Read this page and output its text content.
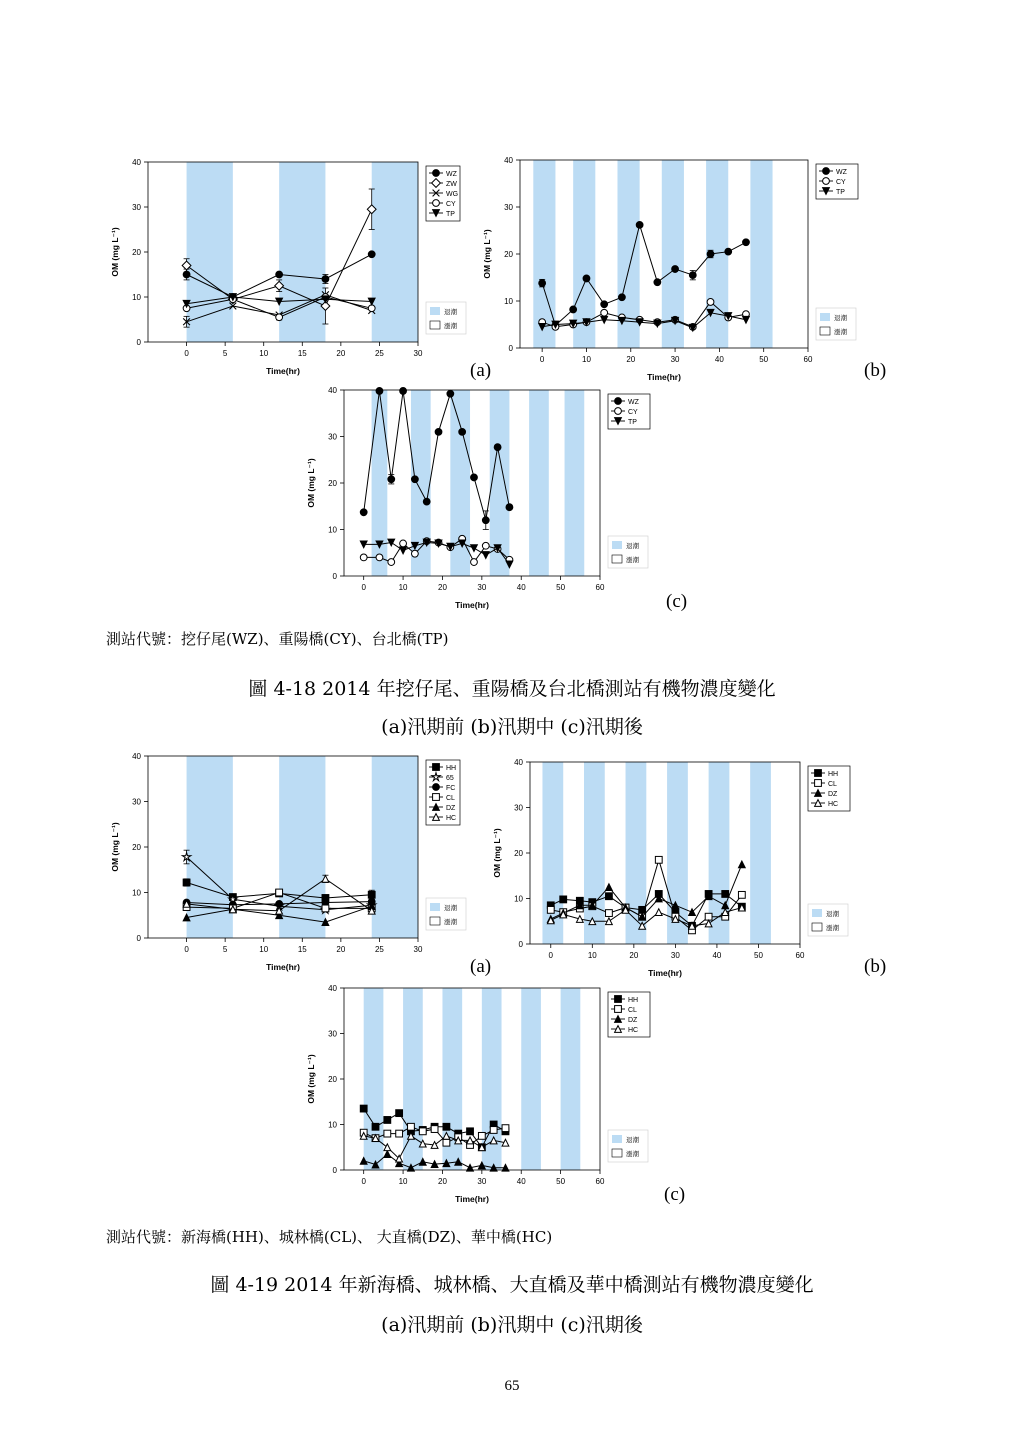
0
10
20
30
40
0	5	10	15	20	25	30
Time(hr)
OM (mg L⁻¹)
WZ
ZW
WG
CY
TP
退潮
漲潮
(a)
0
10
20
30
40
0	10	20	30	40	50	60
Time(hr)
OM (mg L⁻¹)
WZ
CY
TP
退潮
漲潮
(b)
0
10
20
30
40
0	10	20	30	40	50	60
Time(hr)
OM (mg L⁻¹)
WZ
CY
TP
退潮
漲潮
(c)
測站代號：挖仔尾(WZ)、重陽橋(CY)、台北橋(TP)
圖 4-18 2014 年挖仔尾、重陽橋及台北橋測站有機物濃度變化
(a)汛期前 (b)汛期中 (c)汛期後
0
10
20
30
40
0	5	10	15	20	25	30
Time(hr)
OM (mg L⁻¹)
HH
65
FC
CL
DZ
HC
退潮
漲潮
(a)
0
10
20
30
40
0	10	20	30	40	50	60
Time(hr)
OM (mg L⁻¹)
HH
CL
DZ
HC
退潮
漲潮
(b)
0
10
20
30
40
0	10	20	30	40	50	60
Time(hr)
OM (mg L⁻¹)
HH
CL
DZ
HC
退潮
漲潮
(c)
測站代號：新海橋(HH)、城林橋(CL)、 大直橋(DZ)、華中橋(HC)
圖 4-19 2014 年新海橋、城林橋、大直橋及華中橋測站有機物濃度變化
(a)汛期前 (b)汛期中 (c)汛期後
65
